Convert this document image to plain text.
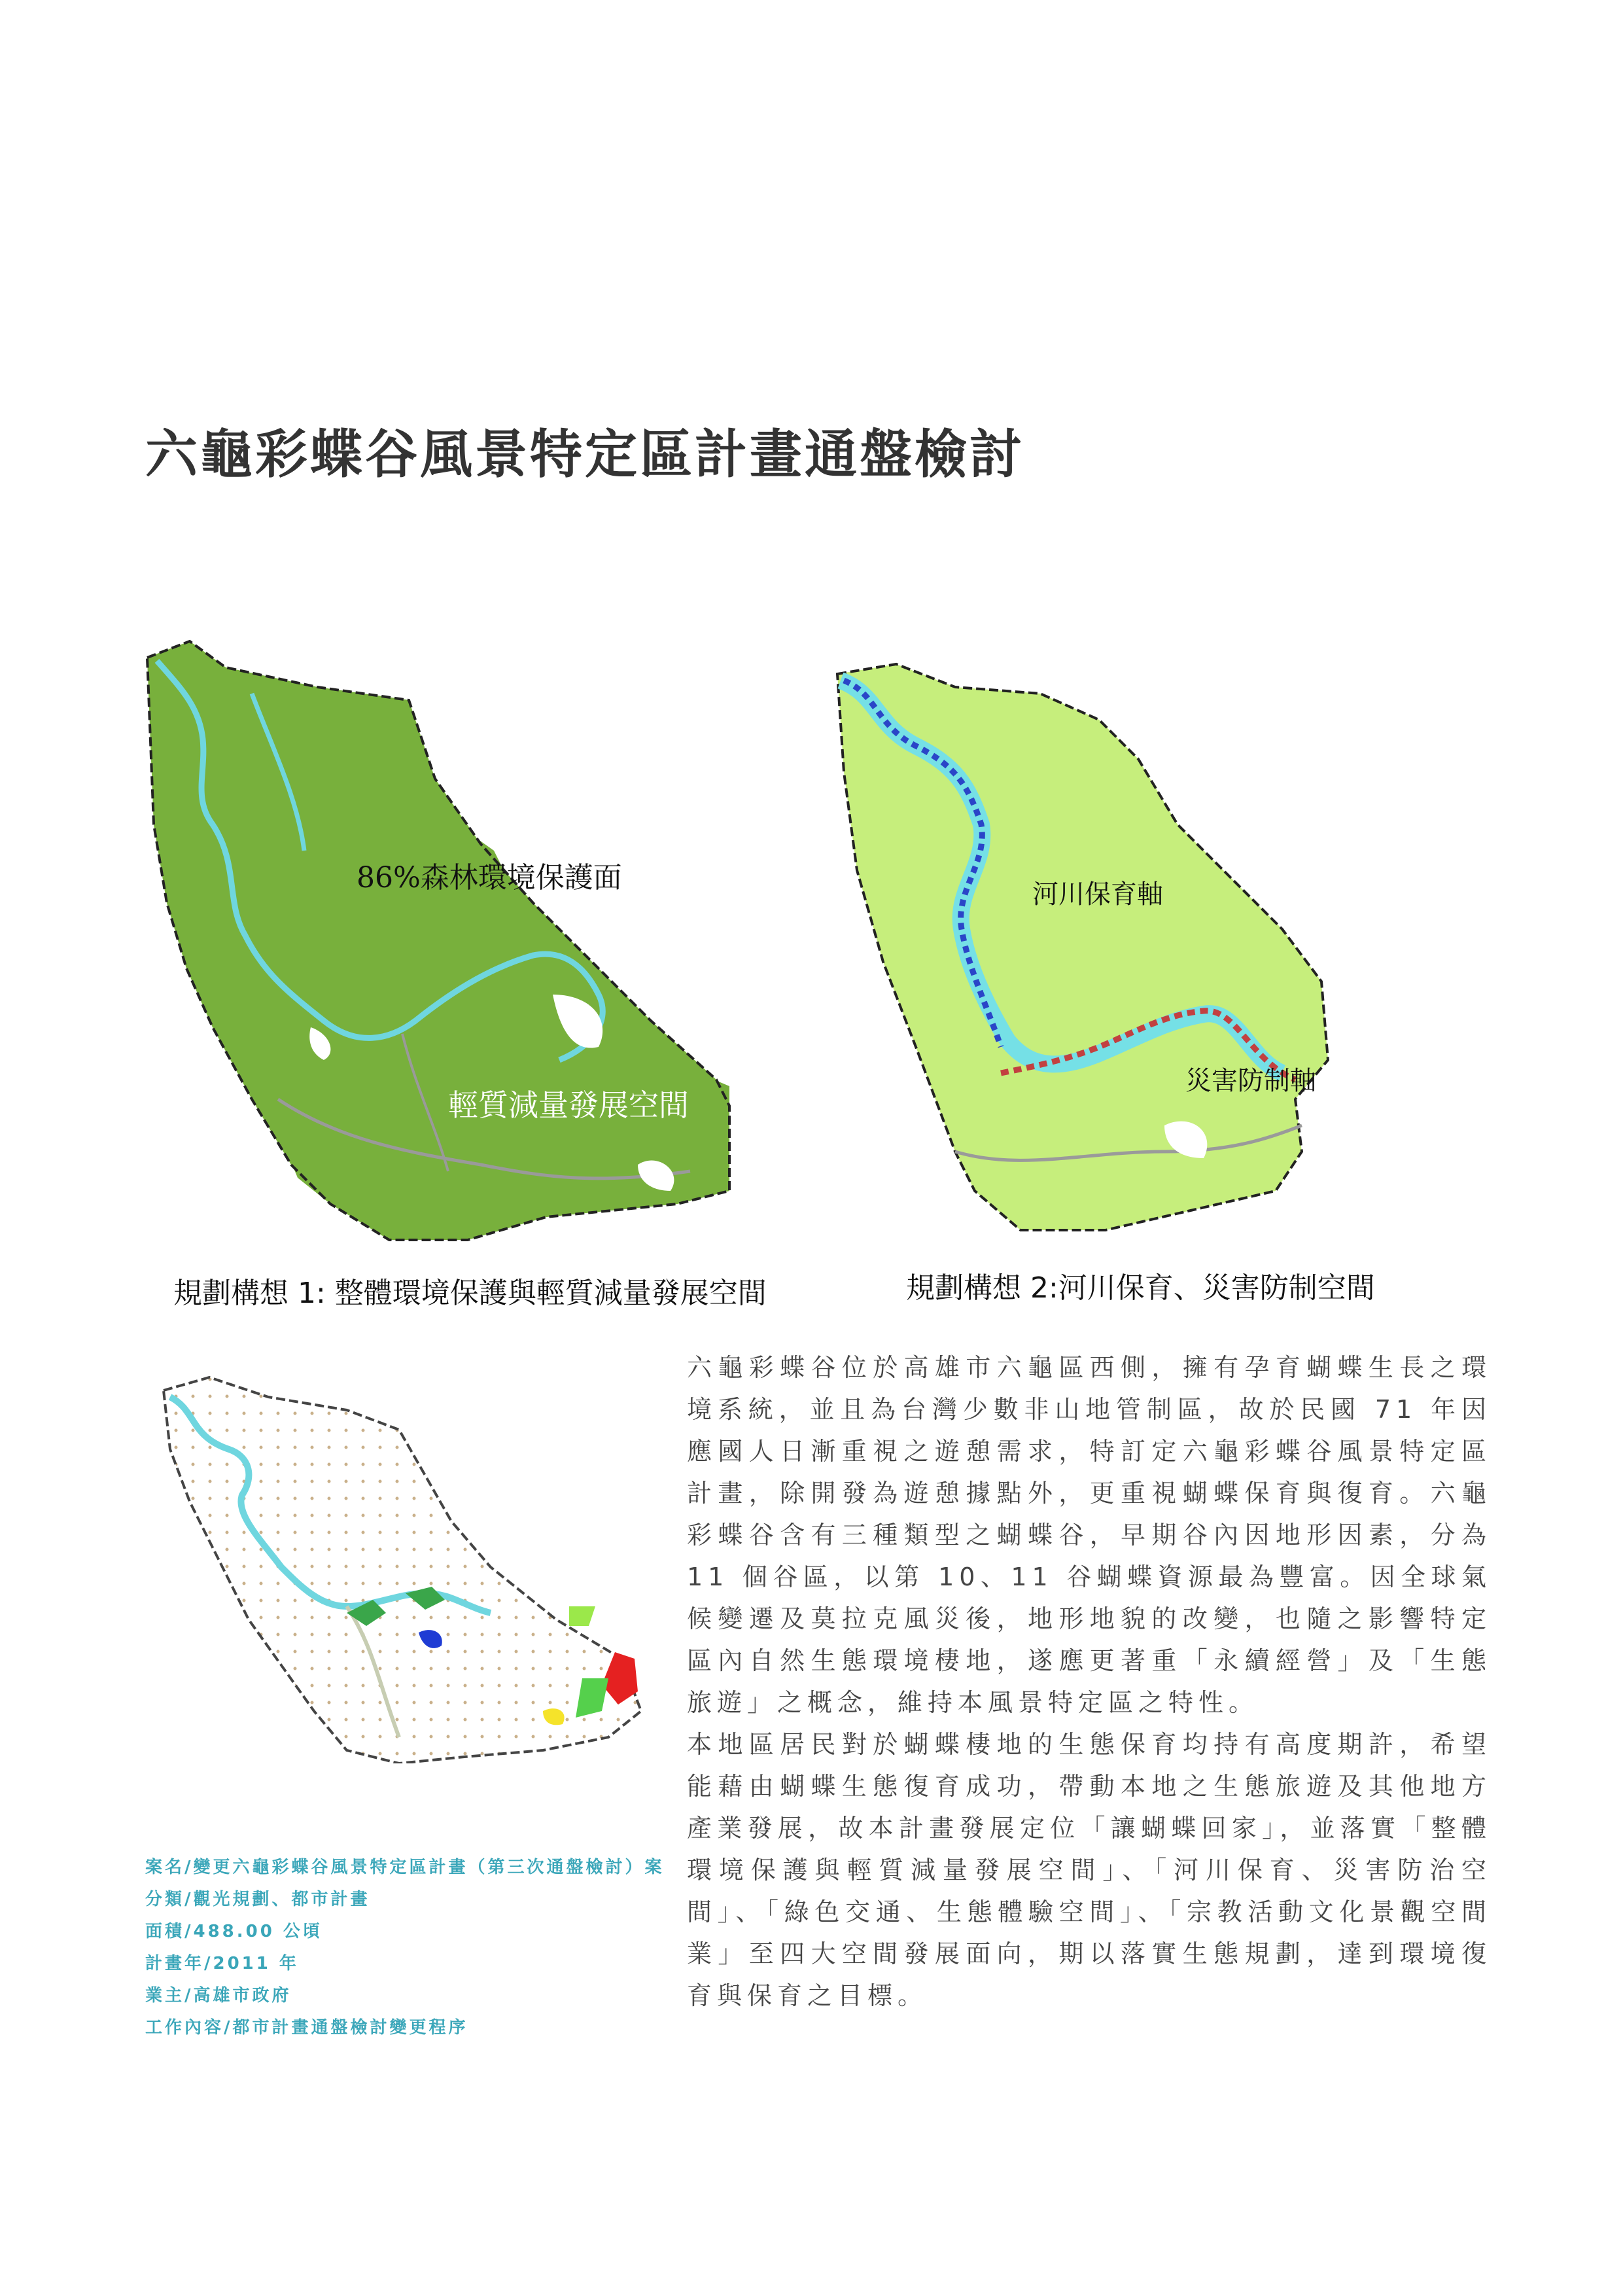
六龜彩蝶谷風景特定區計畫通盤檢討
86%森林環境保護面
輕質減量發展空間
河川保育軸
災害防制軸
規劃構想 1: 整體環境保護與輕質減量發展空間	規劃構想 2:河川保育、災害防制空間

六龜彩蝶谷位於高雄市六龜區西側，擁有孕育蝴蝶生長之環境系統，並且為台灣少數非山地管制區，故於民國 71 年因應國人日漸重視之遊憩需求，特訂定六龜彩蝶谷風景特定區計畫，除開發為遊憩據點外，更重視蝴蝶保育與復育。六龜彩蝶谷含有三種類型之蝴蝶谷，早期谷內因地形因素，分為 11 個谷區，以第 10、11 谷蝴蝶資源最為豐富。因全球氣候變遷及莫拉克風災後，地形地貌的改變，也隨之影響特定區內自然生態環境棲地，遂應更著重「永續經營」及「生態旅遊」之概念，維持本風景特定區之特性。

本地區居民對於蝴蝶棲地的生態保育均持有高度期許，希望能藉由蝴蝶生態復育成功，帶動本地之生態旅遊及其他地方產業發展，故本計畫發展定位「讓蝴蝶回家」，並落實「整體環境保護與輕質減量發展空間」、「河川保育、災害防治空間」、「綠色交通、生態體驗空間」、「宗教活動文化景觀空間業」至四大空間發展面向，期以落實生態規劃，達到環境復育與保育之目標。

案名/變更六龜彩蝶谷風景特定區計畫（第三次通盤檢討）案
分類/觀光規劃、都市計畫
面積/488.00 公頃
計畫年/2011 年
業主/高雄市政府
工作內容/都市計畫通盤檢討變更程序
